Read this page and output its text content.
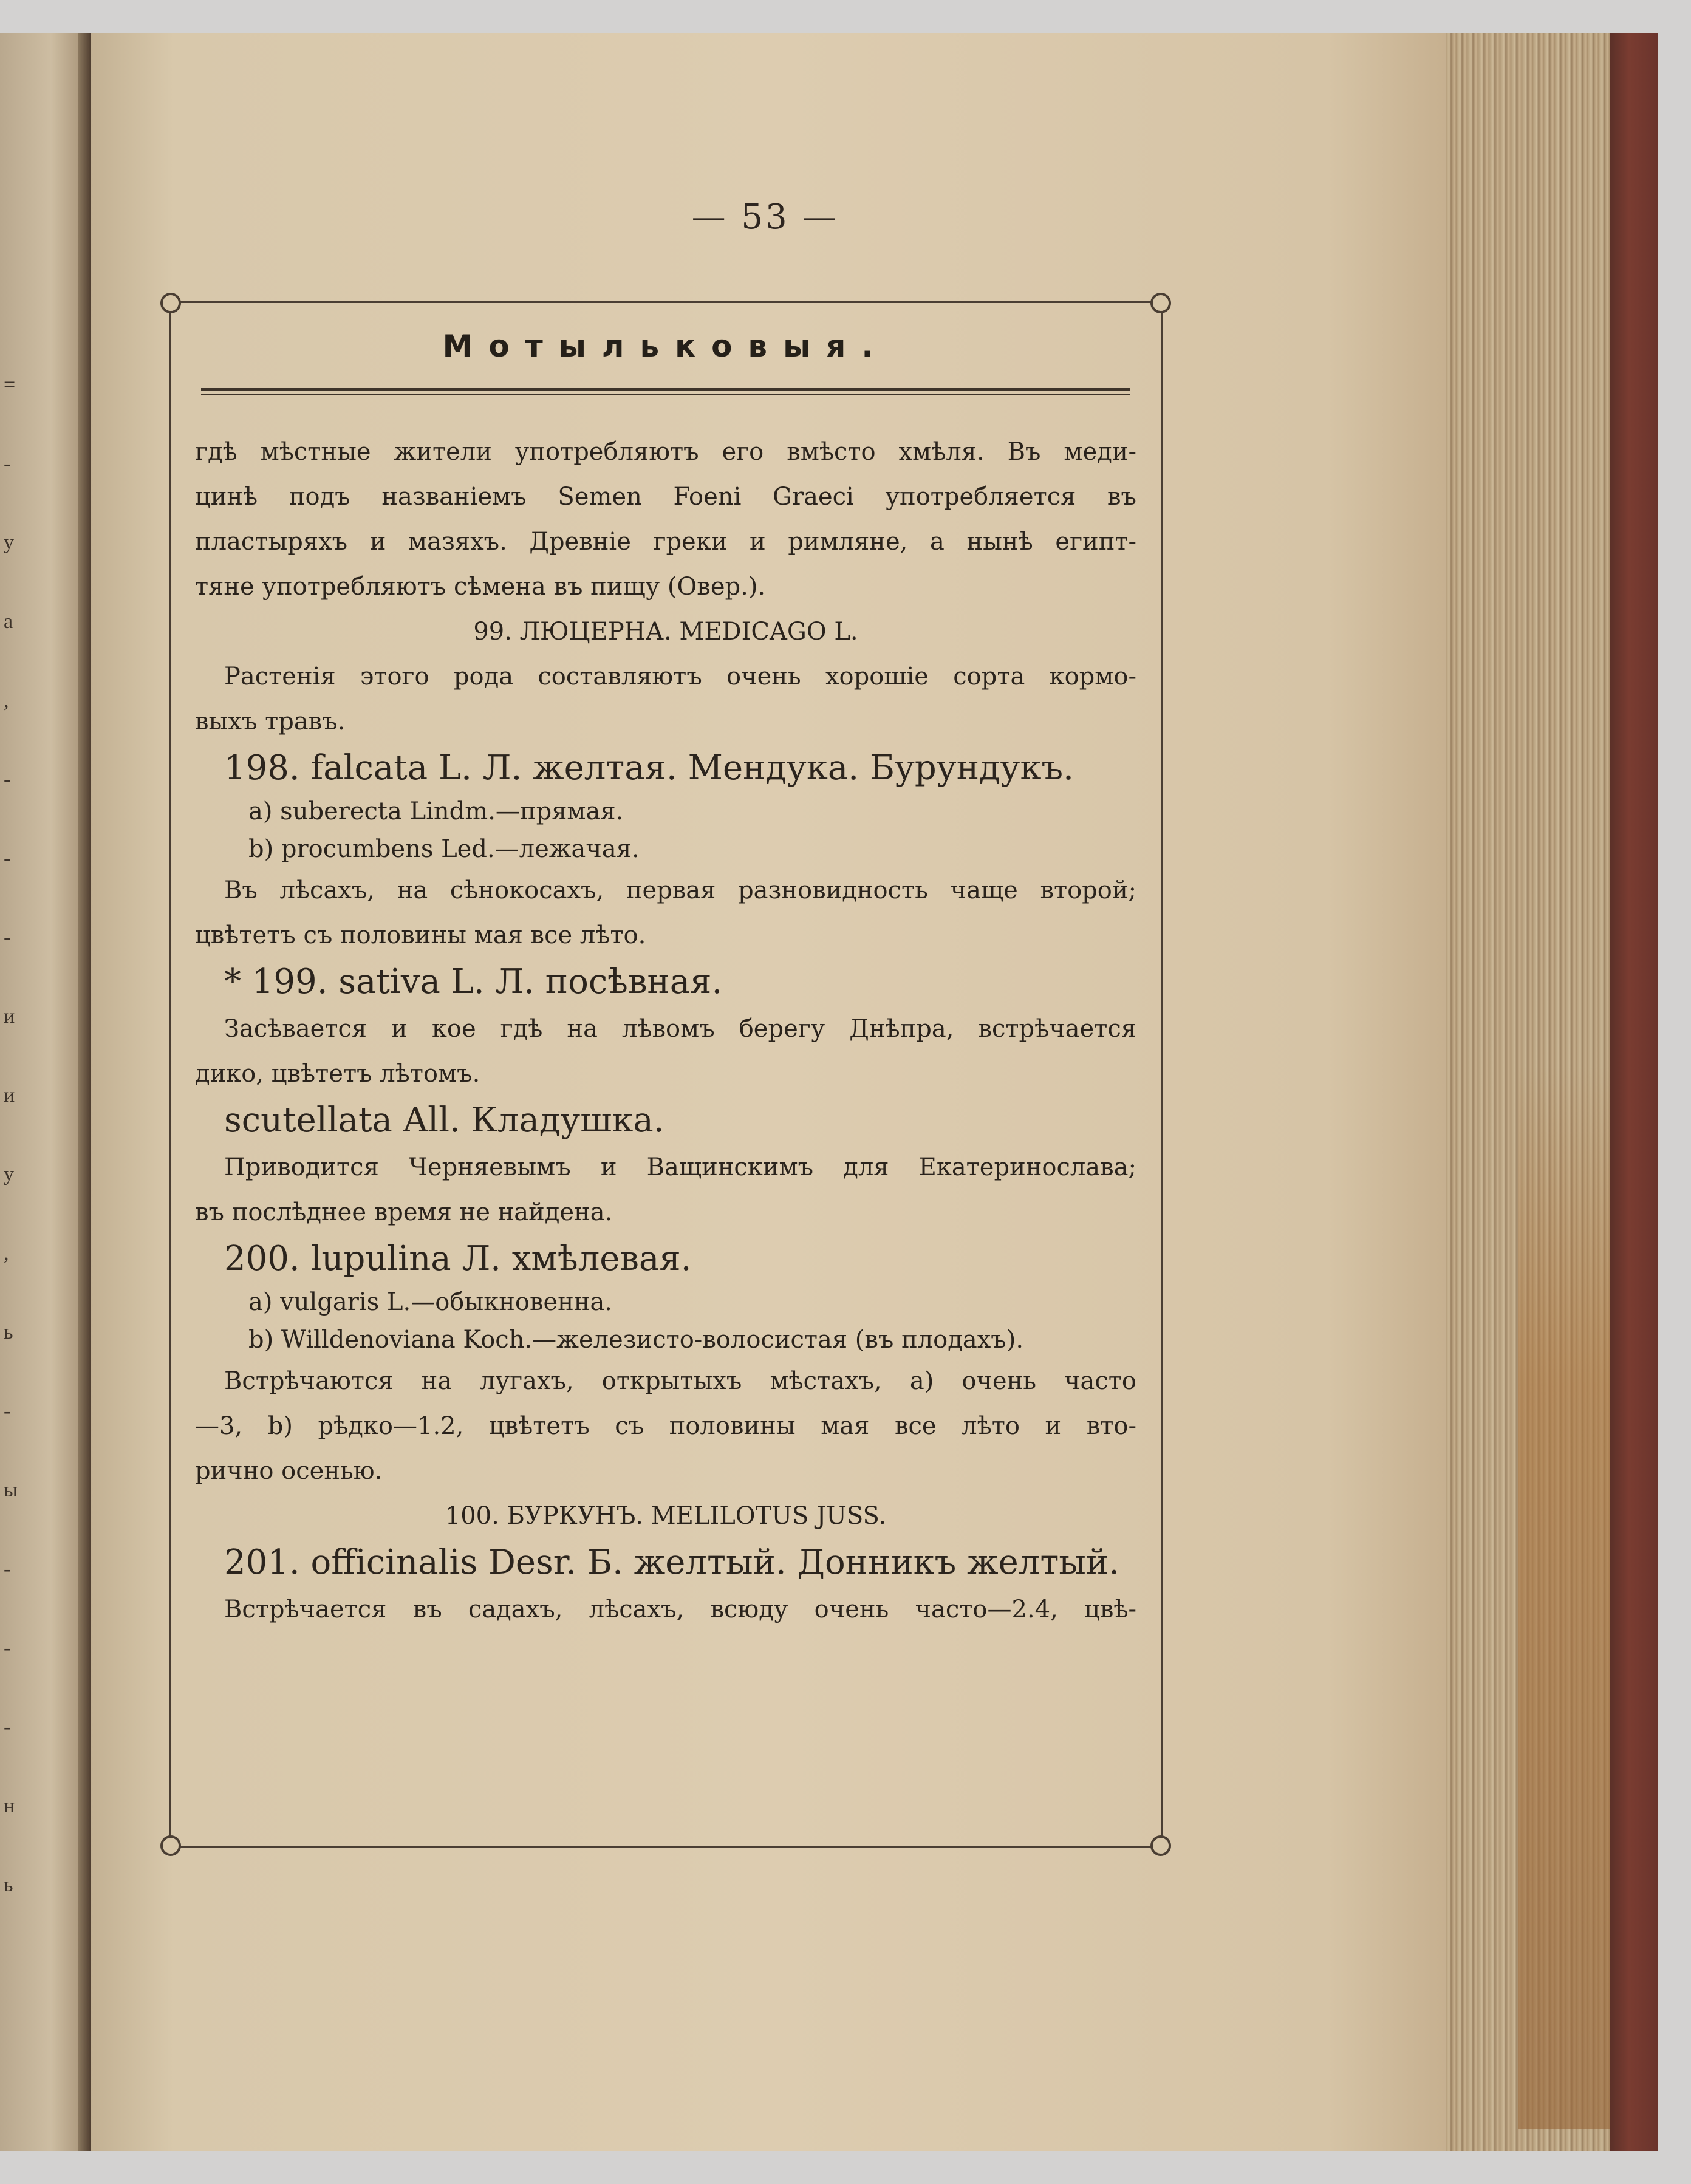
=
-
у
а
,
-
-
-
и
и
у
,
ь
-
ы
-
-
-
н
ь
— 53 —
Мотыльковыя.
гдѣ мѣстные жители употребляютъ его вмѣсто хмѣля. Въ меди-
цинѣ подъ названіемъ Semen Foeni Graeci употребляется въ
пластыряхъ и мазяхъ. Древніе греки и римляне, а нынѣ египт-
тяне употребляютъ сѣмена въ пищу (Овер.).
99. ЛЮЦЕРНА. MEDICAGO L.
Растенія этого рода составляютъ очень хорошіе сорта кормо-
выхъ травъ.
198. falcata L. Л. желтая. Мендука. Бурундукъ.
a) suberecta Lindm.—прямая.
b) procumbens Led.—лежачая.
Въ лѣсахъ, на сѣнокосахъ, первая разновидность чаще второй;
цвѣтетъ съ половины мая все лѣто.
* 199. sativa L. Л. посѣвная.
Засѣвается и кое гдѣ на лѣвомъ берегу Днѣпра, встрѣчается
дико, цвѣтетъ лѣтомъ.
scutellata All. Кладушка.
Приводится Черняевымъ и Ващинскимъ для Екатеринослава;
въ послѣднее время не найдена.
200. lupulina Л. хмѣлевая.
a) vulgaris L.—обыкновенна.
b) Willdenoviana Koch.—железисто-волосистая (въ плодахъ).
Встрѣчаются на лугахъ, открытыхъ мѣстахъ, а) очень часто
—3, b) рѣдко—1.2, цвѣтетъ съ половины мая все лѣто и вто-
рично осенью.
100. БУРКУНЪ. MELILOTUS JUSS.
201. officinalis Desr. Б. желтый. Донникъ желтый.
Встрѣчается въ садахъ, лѣсахъ, всюду очень часто—2.4, цвѣ-
